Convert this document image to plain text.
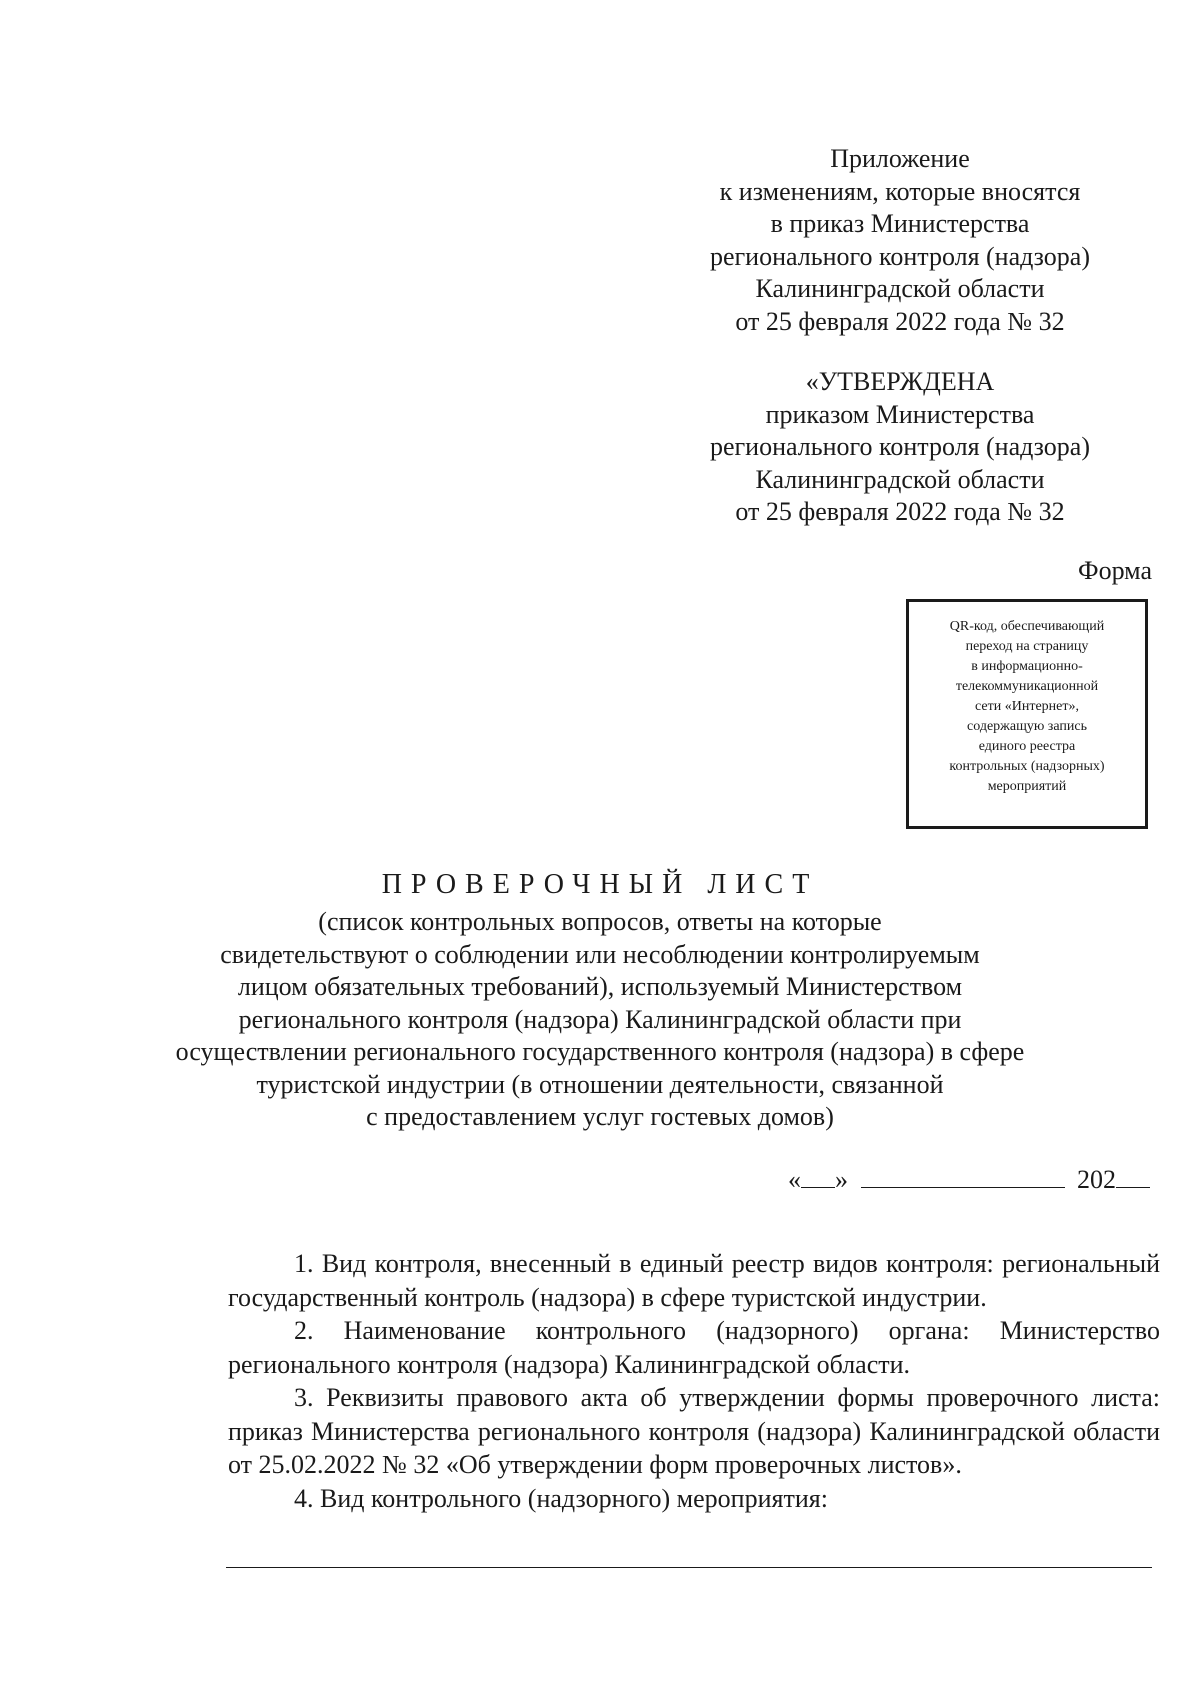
Приложение
к изменениям, которые вносятся
в приказ Министерства
регионального контроля (надзора)
Калининградской области
от 25 февраля 2022 года № 32
«УТВЕРЖДЕНА
приказом Министерства
регионального контроля (надзора)
Калининградской области
от 25 февраля 2022 года № 32
Форма
QR-код, обеспечивающий
переход на страницу
в информационно-
телекоммуникационной
сети «Интернет»,
содержащую запись
единого реестра
контрольных (надзорных)
мероприятий
ПРОВЕРОЧНЫЙ ЛИСТ
(список контрольных вопросов, ответы на которые
свидетельствуют о соблюдении или несоблюдении контролируемым
лицом обязательных требований), используемый Министерством
регионального контроля (надзора) Калининградской области при
осуществлении регионального государственного контроля (надзора) в сфере
туристской индустрии (в отношении деятельности, связанной
с предоставлением услуг гостевых домов)
« »	202

1. Вид контроля, внесенный в единый реестр видов контроля: региональный государственный контроль (надзора) в сфере туристской индустрии.

2. Наименование контрольного (надзорного) органа: Министерство регионального контроля (надзора) Калининградской области.

3. Реквизиты правового акта об утверждении формы проверочного листа: приказ Министерства регионального контроля (надзора) Калининградской области от 25.02.2022 № 32 «Об утверждении форм проверочных листов».

4. Вид контрольного (надзорного) мероприятия:
